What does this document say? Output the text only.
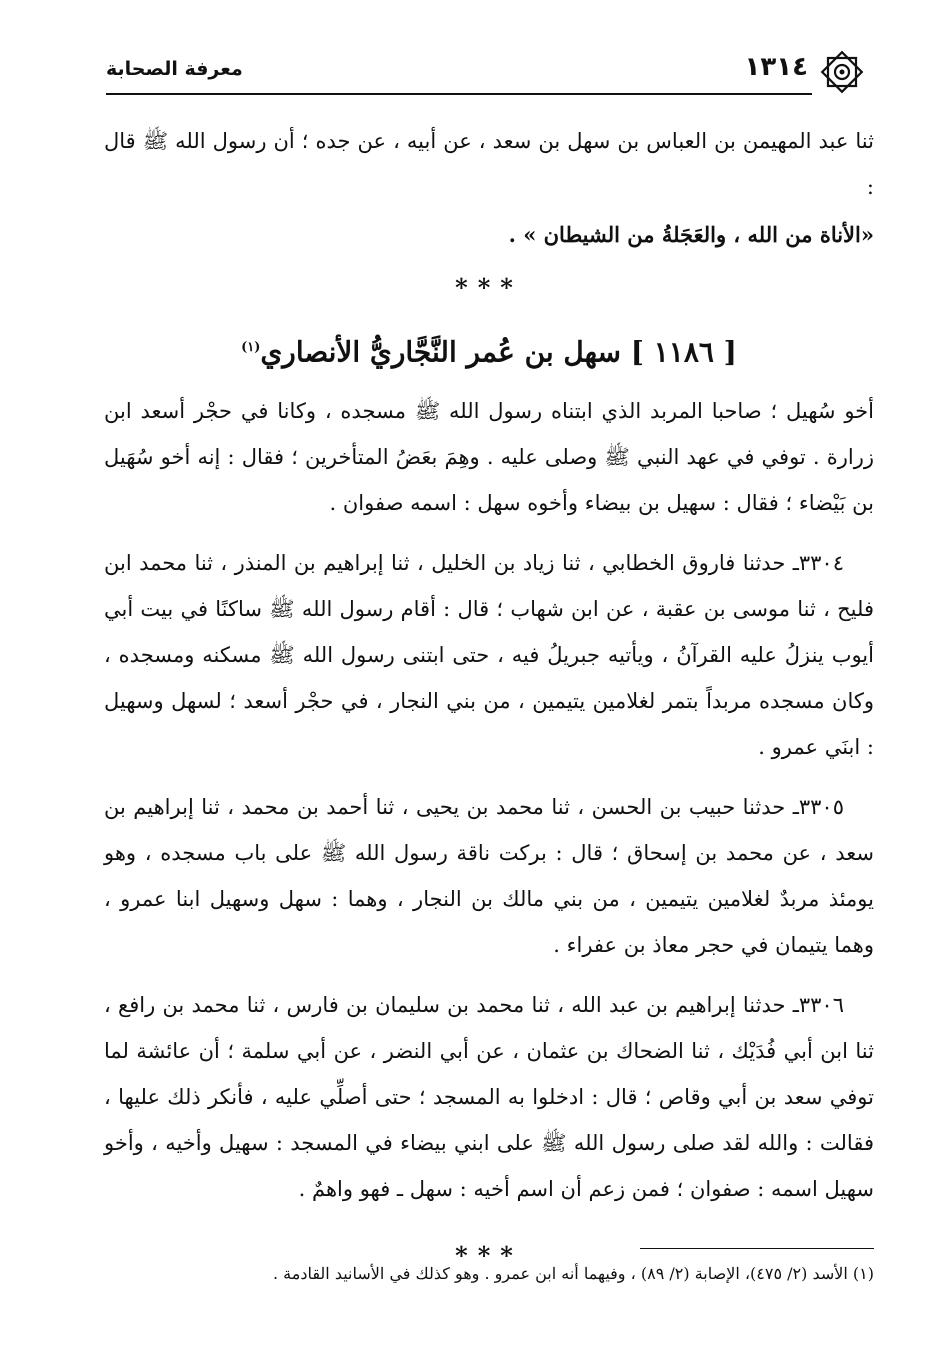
معرفة الصحابة	١٣١٤

ثنا عبد المهيمن بن العباس بن سهل بن سعد ، عن أبيه ، عن جده ؛ أن رسول الله ﷺ قال :

«الأناة من الله ، والعَجَلةُ من الشيطان » .

***

[ ١١٨٦ ] سهل بن عُمر النَّجَّاريُّ الأنصاري$^{(١)}$

أخو سُهيل ؛ صاحبا المربد الذي ابتناه رسول الله ﷺ مسجده ، وكانا في حجْر أسعد ابن زرارة . توفي في عهد النبي ﷺ وصلى عليه . وهِمَ بعَضُ المتأخرين ؛ فقال : إنه أخو سُهَيل بن بَيْضاء ؛ فقال : سهيل بن بيضاء وأخوه سهل : اسمه صفوان .

٣٣٠٤ـ حدثنا فاروق الخطابي ، ثنا زياد بن الخليل ، ثنا إبراهيم بن المنذر ، ثنا محمد ابن فليح ، ثنا موسى بن عقبة ، عن ابن شهاب ؛ قال : أقام رسول الله ﷺ ساكنًا في بيت أبي أيوب ينزلُ عليه القرآنُ ، ويأتيه جبريلُ فيه ، حتى ابتنى رسول الله ﷺ مسكنه ومسجده ، وكان مسجده مربداً بتمر لغلامين يتيمين ، من بني النجار ، في حجْر أسعد ؛ لسهل وسهيل : ابنَي عمرو .

٣٣٠٥ـ حدثنا حبيب بن الحسن ، ثنا محمد بن يحيى ، ثنا أحمد بن محمد ، ثنا إبراهيم بن سعد ، عن محمد بن إسحاق ؛ قال : بركت ناقة رسول الله ﷺ على باب مسجده ، وهو يومئذ مربدٌ لغلامين يتيمين ، من بني مالك بن النجار ، وهما : سهل وسهيل ابنا عمرو ، وهما يتيمان في حجر معاذ بن عفراء .

٣٣٠٦ـ حدثنا إبراهيم بن عبد الله ، ثنا محمد بن سليمان بن فارس ، ثنا محمد بن رافع ، ثنا ابن أبي فُدَيْك ، ثنا الضحاك بن عثمان ، عن أبي النضر ، عن أبي سلمة ؛ أن عائشة لما توفي سعد بن أبي وقاص ؛ قال : ادخلوا به المسجد ؛ حتى أصلِّي عليه ، فأنكر ذلك عليها ، فقالت : والله لقد صلى رسول الله ﷺ على ابني بيضاء في المسجد : سهيل وأخيه ، وأخو سهيل اسمه : صفوان ؛ فمن زعم أن اسم أخيه : سهل ـ فهو واهمٌ .

***

(١) الأسد (٢/ ٤٧٥)، الإصابة (٢/ ٨٩) ، وفيهما أنه ابن عمرو . وهو كذلك في الأسانيد القادمة .
